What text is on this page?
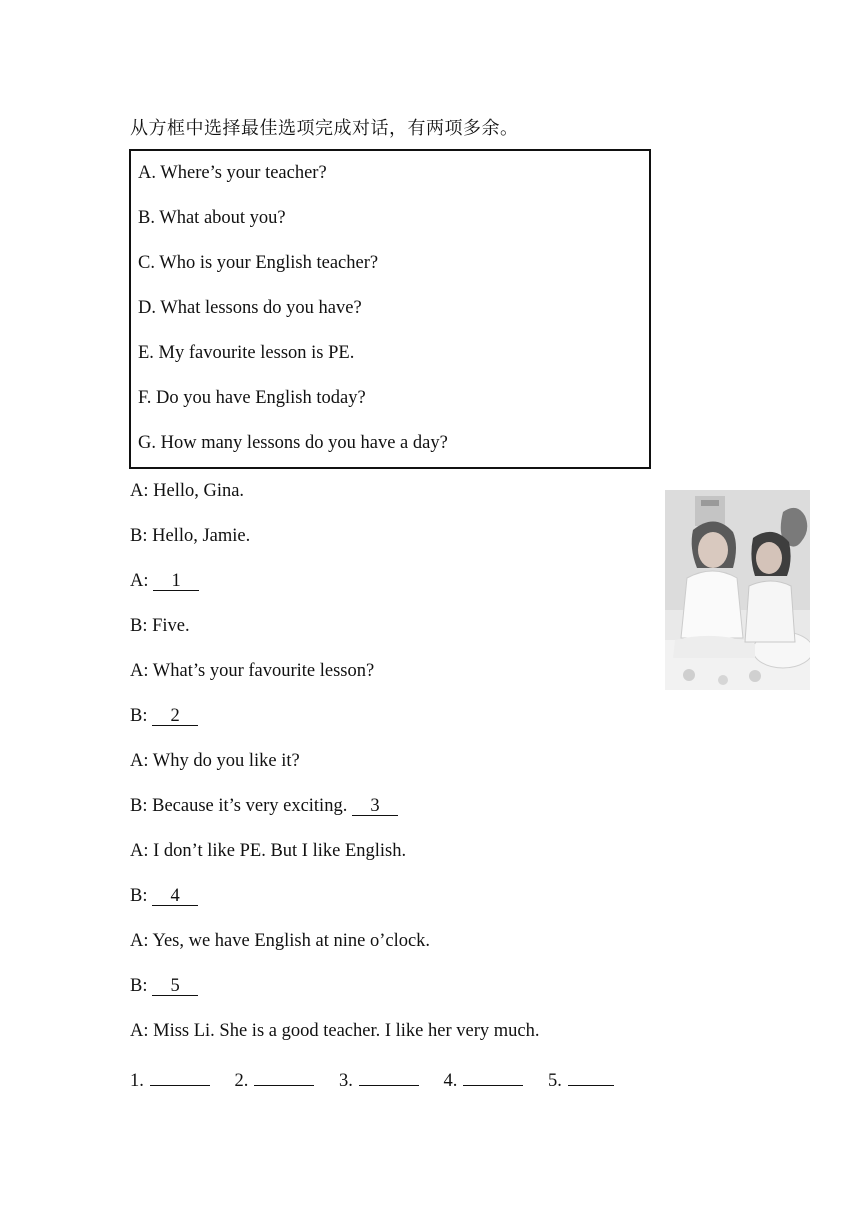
从方框中选择最佳选项完成对话，有两项多余。
A. Where’s your teacher?
B. What about you?
C. Who is your English teacher?
D. What lessons do you have?
E. My favourite lesson is PE.
F. Do you have English today?
G. How many lessons do you have a day?
A: Hello, Gina.
B: Hello, Jamie.
A: 1
B: Five.
A: What’s your favourite lesson?
B: 2
A: Why do you like it?
B: Because it’s very exciting. 3
A: I don’t like PE. But I like English.
B: 4
A: Yes, we have English at nine o’clock.
B: 5
A: Miss Li. She is a good teacher. I like her very much.
1.	2.	3.	4.	5.
